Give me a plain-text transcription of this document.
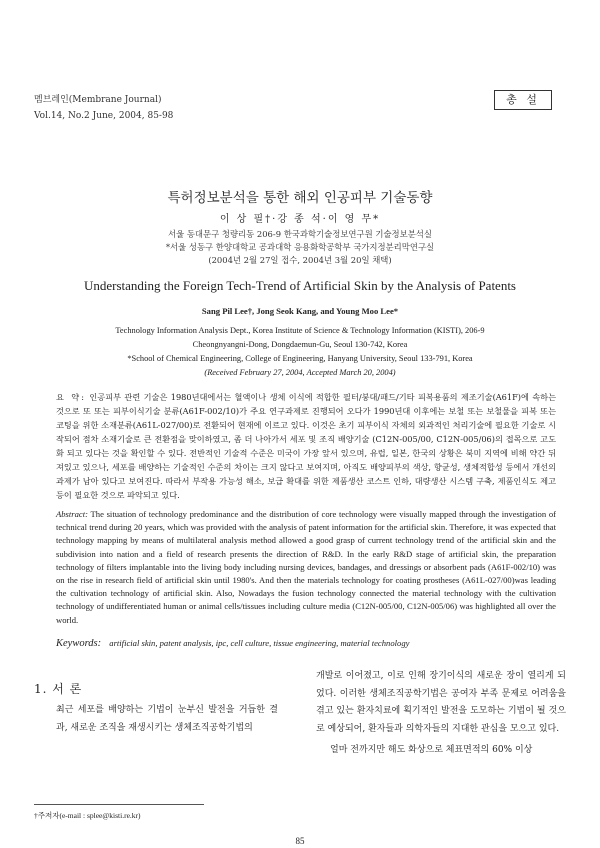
멤브레인(Membrane Journal)
Vol.14, No.2 June, 2004, 85-98
총 설
특허정보분석을 통한 해외 인공피부 기술동향
이 상 필†·강 종 석·이 영 무*
서울 동대문구 청량리동 206-9 한국과학기술정보연구원 기술정보분석실
*서울 성동구 한양대학교 공과대학 응용화학공학부 국가지정분리막연구실
(2004년 2월 27일 접수, 2004년 3월 20일 채택)
Understanding the Foreign Tech-Trend of Artificial Skin by the Analysis of Patents
Sang Pil Lee†, Jong Seok Kang, and Young Moo Lee*
Technology Information Analysis Dept., Korea Institute of Science & Technology Information (KISTI), 206-9
Cheongnyangni-Dong, Dongdaemun-Gu, Seoul 130-742, Korea
*School of Chemical Engineering, College of Engineering, Hanyang University, Seoul 133-791, Korea
(Received February 27, 2004, Accepted March 20, 2004)
요 약: 인공피부 관련 기술은 1980년대에서는 혈액이나 생체 이식에 적합한 필터/붕대/패드/기타 피복용품의 제조기술(A61F)에 속하는 것으로 또 또는 피부이식기술 분류(A61F-002/10)가 주요 연구과제로 진행되어 오다가 1990년대 이후에는 보철 또는 보철물을 피복 또는 코팅을 위한 소재분류(A61L-027/00)로 전환되어 현재에 이르고 있다. 이것은 초기 피부이식 자체의 외과적인 처리기술에 필요한 기술로 시작되어 점차 소재기술로 큰 전환점을 맞이하였고, 좀 더 나아가서 세포 및 조직 배양기술 (C12N-005/00, C12N-005/06)의 접목으로 고도화 되고 있다는 것을 확인할 수 있다. 전반적인 기술적 수준은 미국이 가장 앞서 있으며, 유럽, 일본, 한국의 상황은 북미 지역에 비해 약간 뒤져있고 있으나, 세포를 배양하는 기술적인 수준의 차이는 크지 않다고 보여지며, 아직도 배양피부의 색상, 향균성, 생체적합성 등에서 개선의 과제가 남아 있다고 보여진다. 따라서 부작용 가능성 해소, 보급 확대를 위한 제품생산 코스트 인하, 대량생산 시스템 구축, 제품인식도 제고 등이 필요한 것으로 파악되고 있다.
Abstract: The situation of technology predominance and the distribution of core technology were visually mapped through the investigation of technical trend during 20 years, which was provided with the analysis of patent information for the artificial skin. Therefore, it was expected that technology mapping by means of multilateral analysis method allowed a good grasp of current technology trend of the artificial skin and the subdivision into nation and a field of research presents the direction of R&D. In the early R&D stage of artificial skin, the preparation technology of filters implantable into the living body including nursing devices, bandages, and dressings or absorbent pads (A61F-002/10) was on the rise in research field of artificial skin until 1980's. And then the materials technology for coating prostheses (A61L-027/00)was leading the cultivation technology of artificial skin. Also, Nowadays the fusion technology connected the material technology with the cultivation technology of undifferentiated human or animal cells/tissues including culture media (C12N-005/00, C12N-005/06) was highlighted all over the world.
Keywords: artificial skin, patent analysis, ipc, cell culture, tissue engineering, material technology
1. 서 론
최근 세포를 배양하는 기법이 눈부신 발전을 거듭한 결과, 새로운 조직을 재생시키는 생체조직공학기법의
개발로 이어졌고, 이로 인해 장기이식의 새로운 장이 열리게 되었다. 이러한 생체조직공학기법은 공여자 부족 문제로 어려움을 겪고 있는 환자치료에 획기적인 발전을 도모하는 기법이 될 것으로 예상되어, 환자들과 의학자들의 지대한 관심을 모으고 있다.
얼마 전까지만 해도 화상으로 체표면적의 60% 이상
†주저자(e-mail : splee@kisti.re.kr)
85
